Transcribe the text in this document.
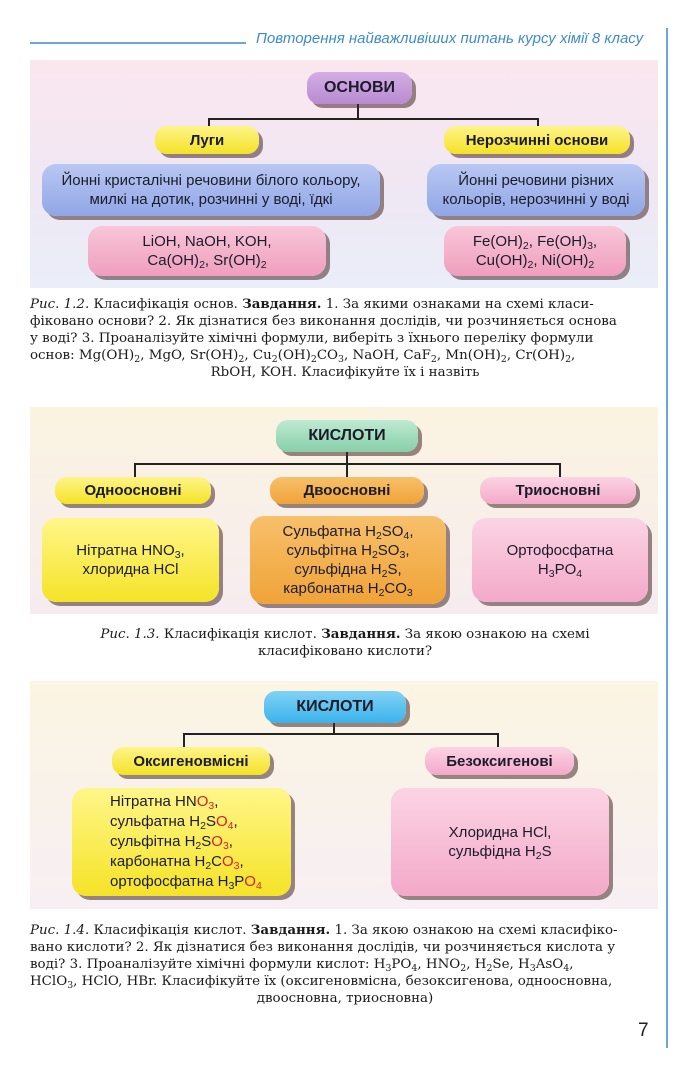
Повторення найважливіших питань курсу хімії 8 класу
ОСНОВИ
Луги	Нерозчинні основи
Йонні кристалічні речовини білого кольору,
милкі на дотик, розчинні у воді, їдкі
Йонні речовини різних
кольорів, нерозчинні у воді
LiOH, NaOH, KOH,
$Ca(OH)_2$, $Sr(OH)_2$
$Fe(OH)_2$, $Fe(OH)_3$,
$Cu(OH)_2$, $Ni(OH)_2$
Рис. 1.2. Класифікація основ. Завдання. 1. За якими ознаками на схемі класи-
фіковано основи? 2. Як дізнатися без виконання дослідів, чи розчиняється основа
у воді? 3. Проаналізуйте хімічні формули, виберіть з їхнього переліку формули
основ: $Mg(OH)_2$, MgO, $Sr(OH)_2$, $Cu_2(OH)_2CO_3$, NaOH, CaF$_2$, $Mn(OH)_2$, $Cr(OH)_2$,
RbOH, KOH. Класифікуйте їх і назвіть
КИСЛОТИ
Одноосновні	Двоосновні	Триосновні
Нітратна $HNO_3$,
хлоридна HCl
Сульфатна $H_2SO_4$,
сульфітна $H_2SO_3$,
сульфідна $H_2S$,
карбонатна $H_2CO_3$
Ортофосфатна
$H_3PO_4$
Рис. 1.3. Класифікація кислот. Завдання. За якою ознакою на схемі
класифіковано кислоти?
КИСЛОТИ
Оксигеновмісні	Безоксигенові
Нітратна $HNO_3$,
сульфатна $H_2SO_4$,
сульфітна $H_2SO_3$,
карбонатна $H_2CO_3$,
ортофосфатна $H_3PO_4$
Хлоридна HCl,
сульфідна $H_2S$
Рис. 1.4. Класифікація кислот. Завдання. 1. За якою ознакою на схемі класифіко-
вано кислоти? 2. Як дізнатися без виконання дослідів, чи розчиняється кислота у
воді? 3. Проаналізуйте хімічні формули кислот: $H_3PO_4$, $HNO_2$, $H_2Se$, $H_3AsO_4$,
HClO$_3$, HClO, HBr. Класифікуйте їх (оксигеновмісна, безоксигенова, одноосновна,
двоосновна, триосновна)
7
